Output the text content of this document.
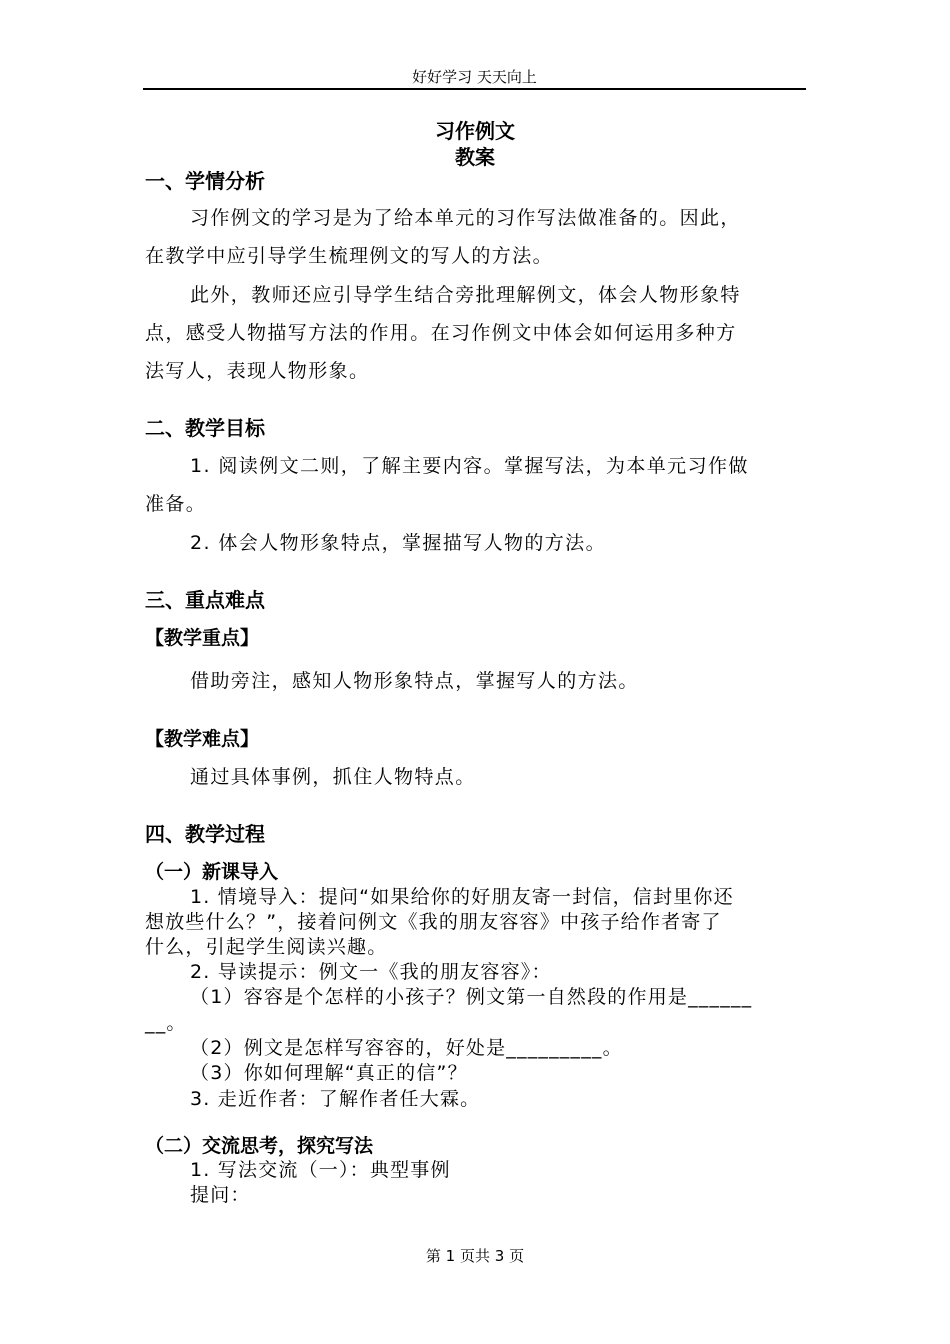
好好学习 天天向上
习作例文
教案
一、学情分析
习作例文的学习是为了给本单元的习作写法做准备的。因此，
在教学中应引导学生梳理例文的写人的方法。
此外，教师还应引导学生结合旁批理解例文，体会人物形象特
点，感受人物描写方法的作用。在习作例文中体会如何运用多种方
法写人，表现人物形象。
二、教学目标
1. 阅读例文二则，了解主要内容。掌握写法，为本单元习作做
准备。
2. 体会人物形象特点，掌握描写人物的方法。
三、重点难点
【教学重点】
借助旁注，感知人物形象特点，掌握写人的方法。
【教学难点】
通过具体事例，抓住人物特点。
四、教学过程
（一）新课导入
1. 情境导入：提问“如果给你的好朋友寄一封信，信封里你还
想放些什么？”，接着问例文《我的朋友容容》中孩子给作者寄了
什么，引起学生阅读兴趣。
2. 导读提示：例文一《我的朋友容容》：
（1）容容是个怎样的小孩子？例文第一自然段的作用是______
__。
（2）例文是怎样写容容的，好处是_________。
（3）你如何理解“真正的信”？
3. 走近作者：了解作者任大霖。
（二）交流思考，探究写法
1. 写法交流（一）：典型事例
提问：
第 1 页共 3 页
